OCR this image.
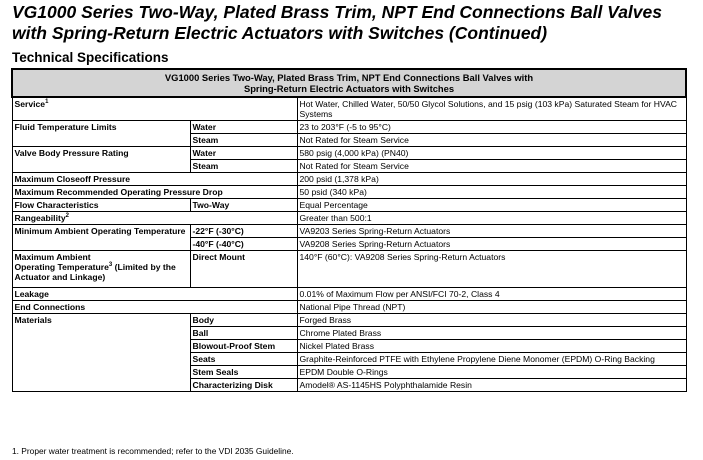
VG1000 Series Two-Way, Plated Brass Trim, NPT End Connections Ball Valves with Spring-Return Electric Actuators with Switches (Continued)
Technical Specifications
VG1000 Series Two-Way, Plated Brass Trim, NPT End Connections Ball Valves with
Spring-Return Electric Actuators with Switches		

Service$^1$		Hot Water, Chilled Water, 50/50 Glycol Solutions, and 15 psig (103 kPa) Saturated Steam for HVAC Systems
Fluid Temperature Limits	Water	23 to 203°F (-5 to 95°C)
	Steam	Not Rated for Steam Service
Valve Body Pressure Rating	Water	580 psig (4,000 kPa) (PN40)
	Steam	Not Rated for Steam Service
Maximum Closeoff Pressure		200 psid (1,378 kPa)
Maximum Recommended Operating Pressure Drop		50 psid (340 kPa)
Flow Characteristics	Two-Way	Equal Percentage
Rangeability$^2$		Greater than 500:1
Minimum Ambient Operating Temperature	-22°F (-30°C)	VA9203 Series Spring-Return Actuators
	-40°F (-40°C)	VA9208 Series Spring-Return Actuators
Maximum Ambient
Operating Temperature$^3$ (Limited by the Actuator and Linkage)	Direct Mount	140°F (60°C): VA9208 Series Spring-Return Actuators
Leakage		0.01% of Maximum Flow per ANSI/FCI 70-2, Class 4
End Connections		National Pipe Thread (NPT)
Materials	Body	Forged Brass
	Ball	Chrome Plated Brass
	Blowout-Proof Stem	Nickel Plated Brass
	Seats	Graphite-Reinforced PTFE with Ethylene Propylene Diene Monomer (EPDM) O-Ring Backing
	Stem Seals	EPDM Double O-Rings
	Characterizing Disk	Amodel® AS-1145HS Polyphthalamide Resin
1. Proper water treatment is recommended; refer to the VDI 2035 Guideline.
